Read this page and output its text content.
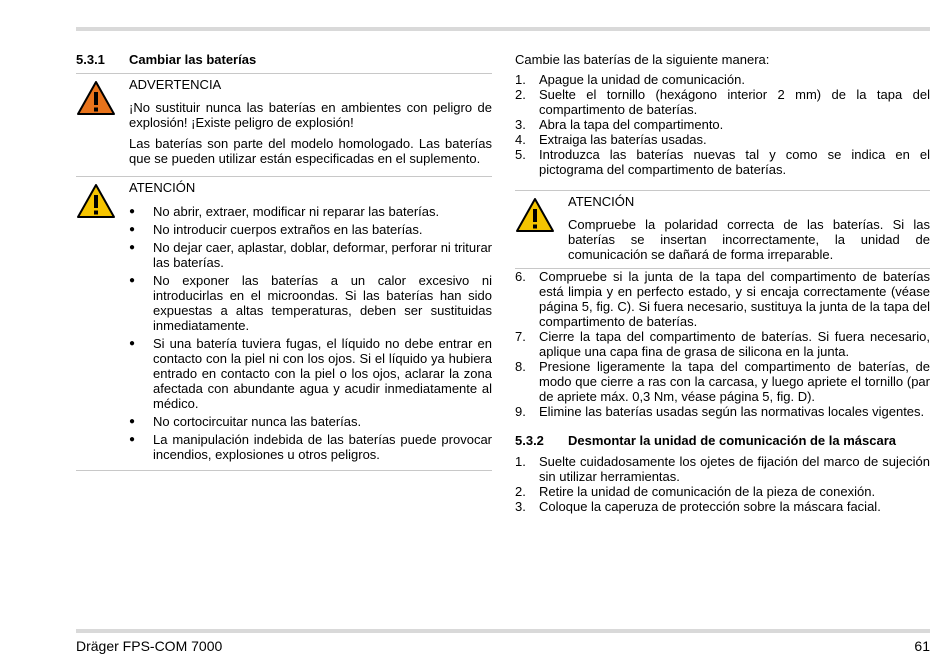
5.3.1	Cambiar las baterías
ADVERTENCIA

¡No sustituir nunca las baterías en ambientes con peligro de explosión! ¡Existe peligro de explosión!

Las baterías son parte del modelo homologado. Las baterías que se pueden utilizar están especificadas en el suplemento.

ATENCIÓN
●	No abrir, extraer, modificar ni reparar las baterías.
●	No introducir cuerpos extraños en las baterías.
●	No dejar caer, aplastar, doblar, deformar, perforar ni triturar las baterías.
●	No exponer las baterías a un calor excesivo ni introducirlas en el microondas. Si las baterías han sido expuestas a altas temperaturas, deben ser sustituidas inmediatamente.
●	Si una batería tuviera fugas, el líquido no debe entrar en contacto con la piel ni con los ojos. Si el líquido ya hubiera entrado en contacto con la piel o los ojos, aclarar la zona afectada con abundante agua y acudir inmediatamente al médico.
●	No cortocircuitar nunca las baterías.
●	La manipulación indebida de las baterías puede provocar incendios, explosiones u otros peligros.

Cambie las baterías de la siguiente manera:

1.	Apague la unidad de comunicación.
2.	Suelte el tornillo (hexágono interior 2 mm) de la tapa del compartimento de baterías.
3.	Abra la tapa del compartimento.
4.	Extraiga las baterías usadas.
5.	Introduzca las baterías nuevas tal y como se indica en el pictograma del compartimento de baterías.
ATENCIÓN

Compruebe la polaridad correcta de las baterías. Si las baterías se insertan incorrectamente, la unidad de comunicación se dañará de forma irreparable.

6.	Compruebe si la junta de la tapa del compartimento de baterías está limpia y en perfecto estado, y si encaja correctamente (véase página 5, fig. C). Si fuera necesario, sustituya la junta de la tapa del compartimento de baterías.
7.	Cierre la tapa del compartimento de baterías. Si fuera necesario, aplique una capa fina de grasa de silicona en la junta.
8.	Presione ligeramente la tapa del compartimento de baterías, de modo que cierre a ras con la carcasa, y luego apriete el tornillo (par de apriete máx. 0,3 Nm, véase página 5, fig. D).
9.	Elimine las baterías usadas según las normativas locales vigentes.
5.3.2	Desmontar la unidad de comunicación de la máscara
1.	Suelte cuidadosamente los ojetes de fijación del marco de sujeción sin utilizar herramientas.
2.	Retire la unidad de comunicación de la pieza de conexión.
3.	Coloque la caperuza de protección sobre la máscara facial.
Dräger FPS-COM 7000	61
